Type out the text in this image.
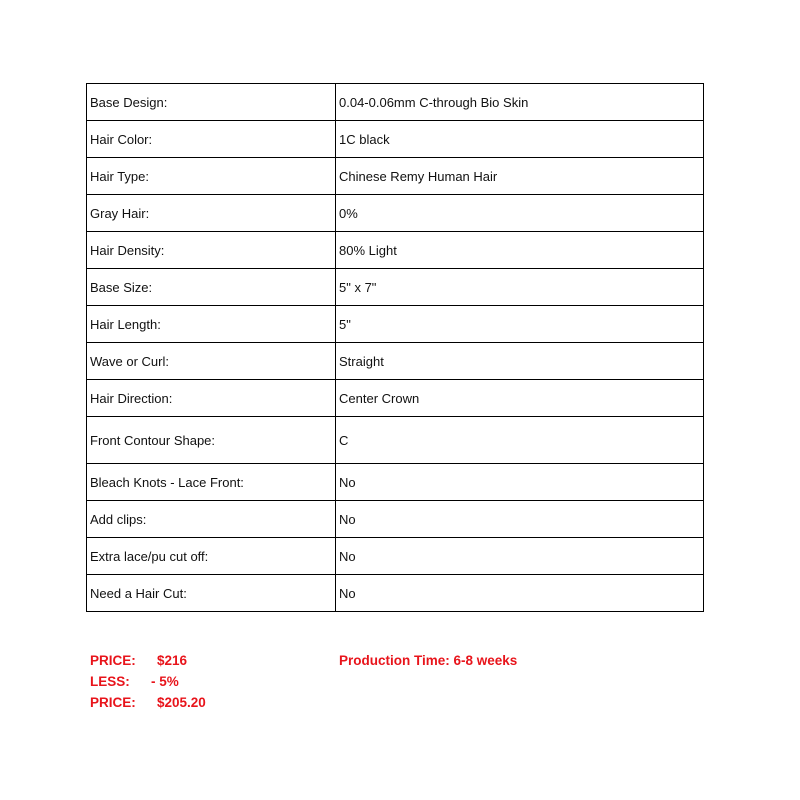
Base Design:	0.04-0.06mm C-through Bio Skin
Hair Color:	1C black
Hair Type:	Chinese Remy Human Hair
Gray Hair:	0%
Hair Density:	80% Light
Base Size:	5" x 7"
Hair Length:	5"
Wave or Curl:	Straight
Hair Direction:	Center Crown
Front Contour Shape:	C
Bleach Knots - Lace Front:	No
Add clips:	No
Extra lace/pu cut off:	No
Need a Hair Cut:	No
PRICE: $216
LESS: - 5%
PRICE: $205.20
Production Time: 6-8 weeks
